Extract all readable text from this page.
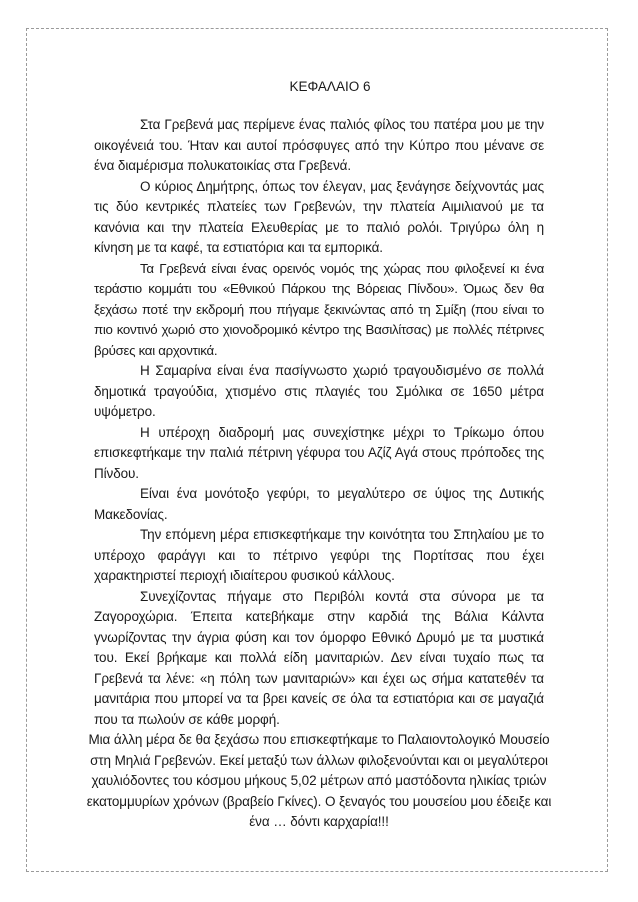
ΚΕΦΑΛΑΙΟ 6

Στα Γρεβενά μας περίμενε ένας παλιός φίλος του πατέρα μου με την οικογένειά του. Ήταν και αυτοί πρόσφυγες από την Κύπρο που μένανε σε ένα διαμέρισμα πολυκατοικίας στα Γρεβενά.

Ο κύριος Δημήτρης, όπως τον έλεγαν, μας ξενάγησε δείχνοντάς μας τις δύο κεντρικές πλατείες των Γρεβενών, την πλατεία Αιμιλιανού με τα κανόνια και την πλατεία Ελευθερίας με το παλιό ρολόι. Τριγύρω όλη η κίνηση με τα καφέ, τα εστιατόρια και τα εμπορικά.

Τα Γρεβενά είναι ένας ορεινός νομός της χώρας που φιλοξενεί κι ένα τεράστιο κομμάτι του «Εθνικού Πάρκου της Βόρειας Πίνδου». Όμως δεν θα ξεχάσω ποτέ την εκδρομή που πήγαμε ξεκινώντας από τη Σμίξη (που είναι το πιο κοντινό χωριό στο χιονοδρομικό κέντρο της Βασιλίτσας) με πολλές πέτρινες βρύσες και αρχοντικά.

Η Σαμαρίνα είναι ένα πασίγνωστο χωριό τραγουδισμένο σε πολλά δημοτικά τραγούδια, χτισμένο στις πλαγιές του Σμόλικα σε 1650 μέτρα υψόμετρο.

Η υπέροχη διαδρομή μας συνεχίστηκε μέχρι το Τρίκωμο όπου επισκεφτήκαμε την παλιά πέτρινη γέφυρα του Αζίζ Αγά στους πρόποδες της Πίνδου.

Είναι ένα μονότοξο γεφύρι, το μεγαλύτερο σε ύψος της Δυτικής Μακεδονίας.

Την επόμενη μέρα επισκεφτήκαμε την κοινότητα του Σπηλαίου με το υπέροχο φαράγγι και το πέτρινο γεφύρι της Πορτίτσας που έχει χαρακτηριστεί περιοχή ιδιαίτερου φυσικού κάλλους.

Συνεχίζοντας πήγαμε στο Περιβόλι κοντά στα σύνορα με τα Ζαγοροχώρια. Έπειτα κατεβήκαμε στην καρδιά της Βάλια Κάλντα γνωρίζοντας την άγρια φύση και τον όμορφο Εθνικό Δρυμό με τα μυστικά του. Εκεί βρήκαμε και πολλά είδη μανιταριών. Δεν είναι τυχαίο πως τα Γρεβενά τα λένε: «η πόλη των μανιταριών» και έχει ως σήμα κατατεθέν τα μανιτάρια που μπορεί να τα βρει κανείς σε όλα τα εστιατόρια και σε μαγαζιά που τα πωλούν σε κάθε μορφή.

Μια άλλη μέρα δε θα ξεχάσω που επισκεφτήκαμε το Παλαιοντολογικό Μουσείο στη Μηλιά Γρεβενών. Εκεί μεταξύ των άλλων φιλοξενούνται και οι μεγαλύτεροι χαυλιόδοντες του κόσμου μήκους 5,02 μέτρων από μαστόδοντα ηλικίας τριών εκατομμυρίων χρόνων (βραβείο Γκίνες). Ο ξεναγός του μουσείου μου έδειξε και ένα … δόντι καρχαρία!!!
